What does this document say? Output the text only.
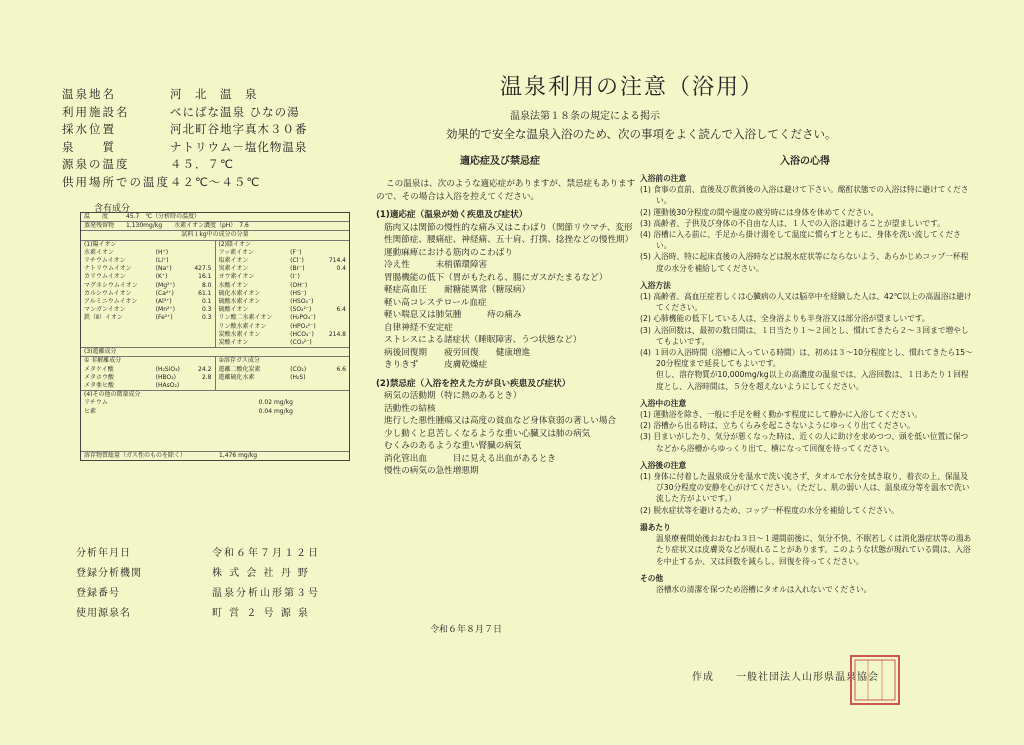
温泉地名	河　北　温　泉
利用施設名	べにばな温泉 ひなの湯
採水位置	河北町谷地字真木３０番
泉　　質	ナトリウム－塩化物温泉
源泉の温度	４５．７℃
供用場所での温度 ４２℃～４５℃
含有成分
温　　度　　　45.7　℃（分析時の温度）
蒸発残留物　　1,130mg/kg　　水素イオン濃度（pH）　7.6
試料１kg中の成分の分量
(1)陽イオン
水素イオン	(H⁺)
リチウムイオン	(Li⁺)
ナトリウムイオン	(Na⁺)	427.5
カリウムイオン	(K⁺)	16.1
マグネシウムイオン	(Mg²⁺)	8.0
カルシウムイオン	(Ca²⁺)	61.1
アルミニウムイオン	(Al³⁺)	0.1
マンガンイオン	(Mn²⁺)	0.3
鉄（Ⅱ）イオン	(Fe²⁺)	0.3
(2)陰イオン
フッ素イオン	(F⁻)
塩素イオン	(Cl⁻)	714.4
臭素イオン	(Br⁻)	0.4
ヨウ素イオン	(I⁻)
水酸イオン	(OH⁻)
硫化水素イオン	(HS⁻)
硫酸水素イオン	(HSO₄⁻)
硫酸イオン	(SO₄²⁻)	6.4
リン酸二水素イオン	(H₂PO₄⁻)
リン酸水素イオン	(HPO₄²⁻)
炭酸水素イオン	(HCO₃⁻)	214.8
炭酸イオン	(CO₃²⁻)
(3)遊離成分
① 非解離成分
メタケイ酸	(H₂SiO₃)	24.2
メタホウ酸	(HBO₂)	2.8
メタ亜ヒ酸	(HAsO₂)
②溶存ガス成分
遊離二酸化炭素	(CO₂)	6.6
遊離硫化水素	(H₂S)
(4)その他の微量成分
リチウム	0.02 mg/kg
ヒ素	0.04 mg/kg
溶存物質総量（ガス性のものを除く）　　　　　　1,476 mg/kg
分析年月日	令和６年７月１２日
登録分析機関	株 式 会 社 丹 野
登録番号	温泉分析山形第３号
使用源泉名	町 営 ２ 号 源 泉
温泉利用の注意（浴用）
温泉法第１８条の規定による掲示
効果的で安全な温泉入浴のため、次の事項をよく読んで入浴してください。
適応症及び禁忌症
この温泉は、次のような適応症がありますが、禁忌症もありますので、その場合は入浴を控えてください。
(1)適応症（温泉が効く疾患及び症状）
筋肉又は関節の慢性的な痛み又はこわばり（関節リウマチ、変形性関節症、腰痛症、神経痛、五十肩、打撲、捻挫などの慢性期）
運動麻痺における筋肉のこわばり
冷え性　　　末梢循環障害
胃腸機能の低下（胃がもたれる、腸にガスがたまるなど）
軽症高血圧　　耐糖能異常（糖尿病）
軽い高コレステロール血症
軽い喘息又は肺気腫　　　痔の痛み
自律神経不安定症
ストレスによる諸症状（睡眠障害、うつ状態など）
病後回復期　　疲労回復　　健康増進
きりきず　　　皮膚乾燥症
(2)禁忌症（入浴を控えた方が良い疾患及び症状）
病気の活動期（特に熱のあるとき）
活動性の結核
進行した悪性腫瘍又は高度の貧血など身体衰弱の著しい場合
少し動くと息苦しくなるような重い心臓又は肺の病気
むくみのあるような重い腎臓の病気
消化管出血　　　目に見える出血があるとき
慢性の病気の急性増悪期
令和６年８月７日
入浴の心得
入浴前の注意
(1) 食事の直前、直後及び飲酒後の入浴は避けて下さい。酩酊状態での入浴は特に避けてください。
(2) 運動後30分程度の間や過度の疲労時には身体を休めてください。
(3) 高齢者、子供及び身体の不自由な人は、１人での入浴は避けることが望ましいです。
(4) 浴槽に入る前に、手足から掛け湯をして温度に慣らすとともに、身体を洗い流してください。
(5) 入浴時、特に起床直後の入浴時などは脱水症状等にならないよう、あらかじめコップ一杯程度の水分を補給してください。
入浴方法
(1) 高齢者、高血圧症若しくは心臓病の人又は脳卒中を経験した人は、42℃以上の高温浴は避けてください。
(2) 心肺機能の低下している人は、全身浴よりも半身浴又は部分浴が望ましいです。
(3) 入浴回数は、最初の数日間は、１日当たり１～２回とし、慣れてきたら２～３回まで増やしてもよいです。
(4) １回の入浴時間（浴槽に入っている時間）は、初めは３～10分程度とし、慣れてきたら15～20分程度まで延長してもよいです。
但し、溶存物質が10,000mg/kg以上の高濃度の温泉では、入浴回数は、１日あたり１回程度とし、入浴時間は、５分を超えないようにしてください。
入浴中の注意
(1) 運動浴を除き、一般に手足を軽く動かす程度にして静かに入浴してください。
(2) 浴槽から出る時は、立ちくらみを起こさないようにゆっくり出てください。
(3) 目まいがしたり、気分が悪くなった時は、近くの人に助けを求めつつ、頭を低い位置に保つなどから浴槽からゆっくり出て、横になって回復を待ってください。
入浴後の注意
(1) 身体に付着した温泉成分を温水で洗い流さず、タオルで水分を拭き取り、着衣の上、保温及び30分程度の安静を心がけてください。（ただし、肌の弱い人は、温泉成分等を温水で洗い流した方がよいです。）
(2) 脱水症状等を避けるため、コップ一杯程度の水分を補給してください。
湯あたり
温泉療養開始後おおむね３日～１週間前後に、気分不快、不眠若しくは消化器症状等の湯あたり症状又は皮膚炎などが現れることがあります。このような状態が現れている間は、入浴を中止するか、又は回数を減らし、回復を待ってください。
その他
浴槽水の清潔を保つため浴槽にタオルは入れないでください。
作成　　一般社団法人山形県温泉協会
